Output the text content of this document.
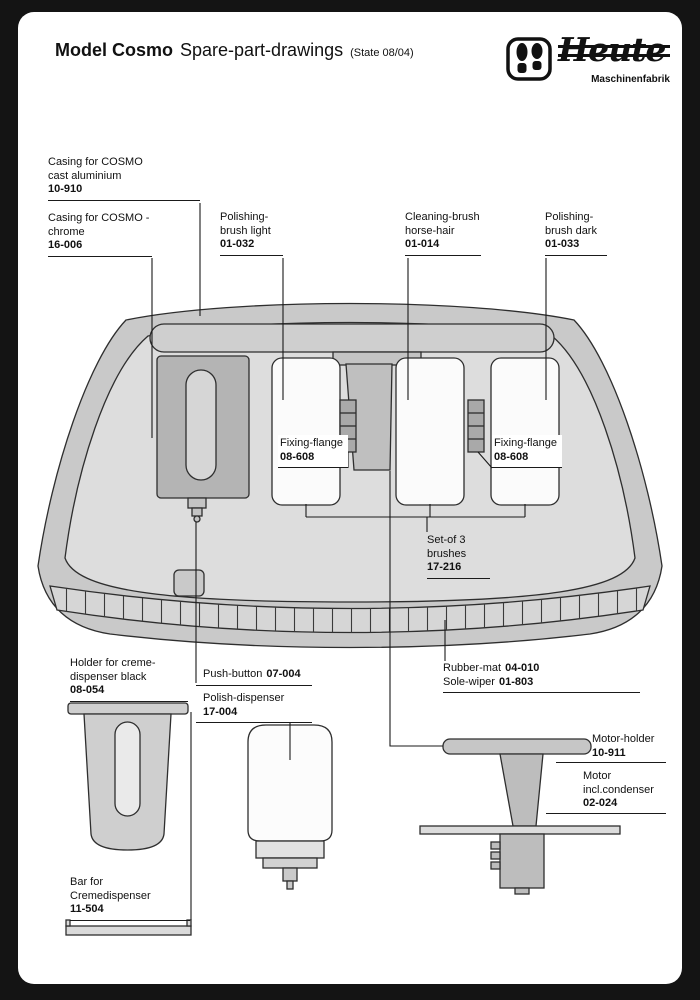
Model Cosmo Spare-part-drawings (State 08/04)	Heute
Maschinenfabrik
Casing for COSMO
cast aluminium
10-910
Casing for COSMO -
chrome
16-006
Polishing-
brush light
01-032
Cleaning-brush
horse-hair
01-014
Polishing-
brush dark
01-033
Fixing-flange
08-608
Fixing-flange
08-608
Set-of 3
brushes
17-216
Holder for creme-
dispenser black
08-054
Push-button 07-004
Polish-dispenser
17-004
Rubber-mat 04-010
Sole-wiper 01-803
Motor-holder
10-911
Motor
incl.condenser
02-024
Bar for
Cremedispenser
11-504
